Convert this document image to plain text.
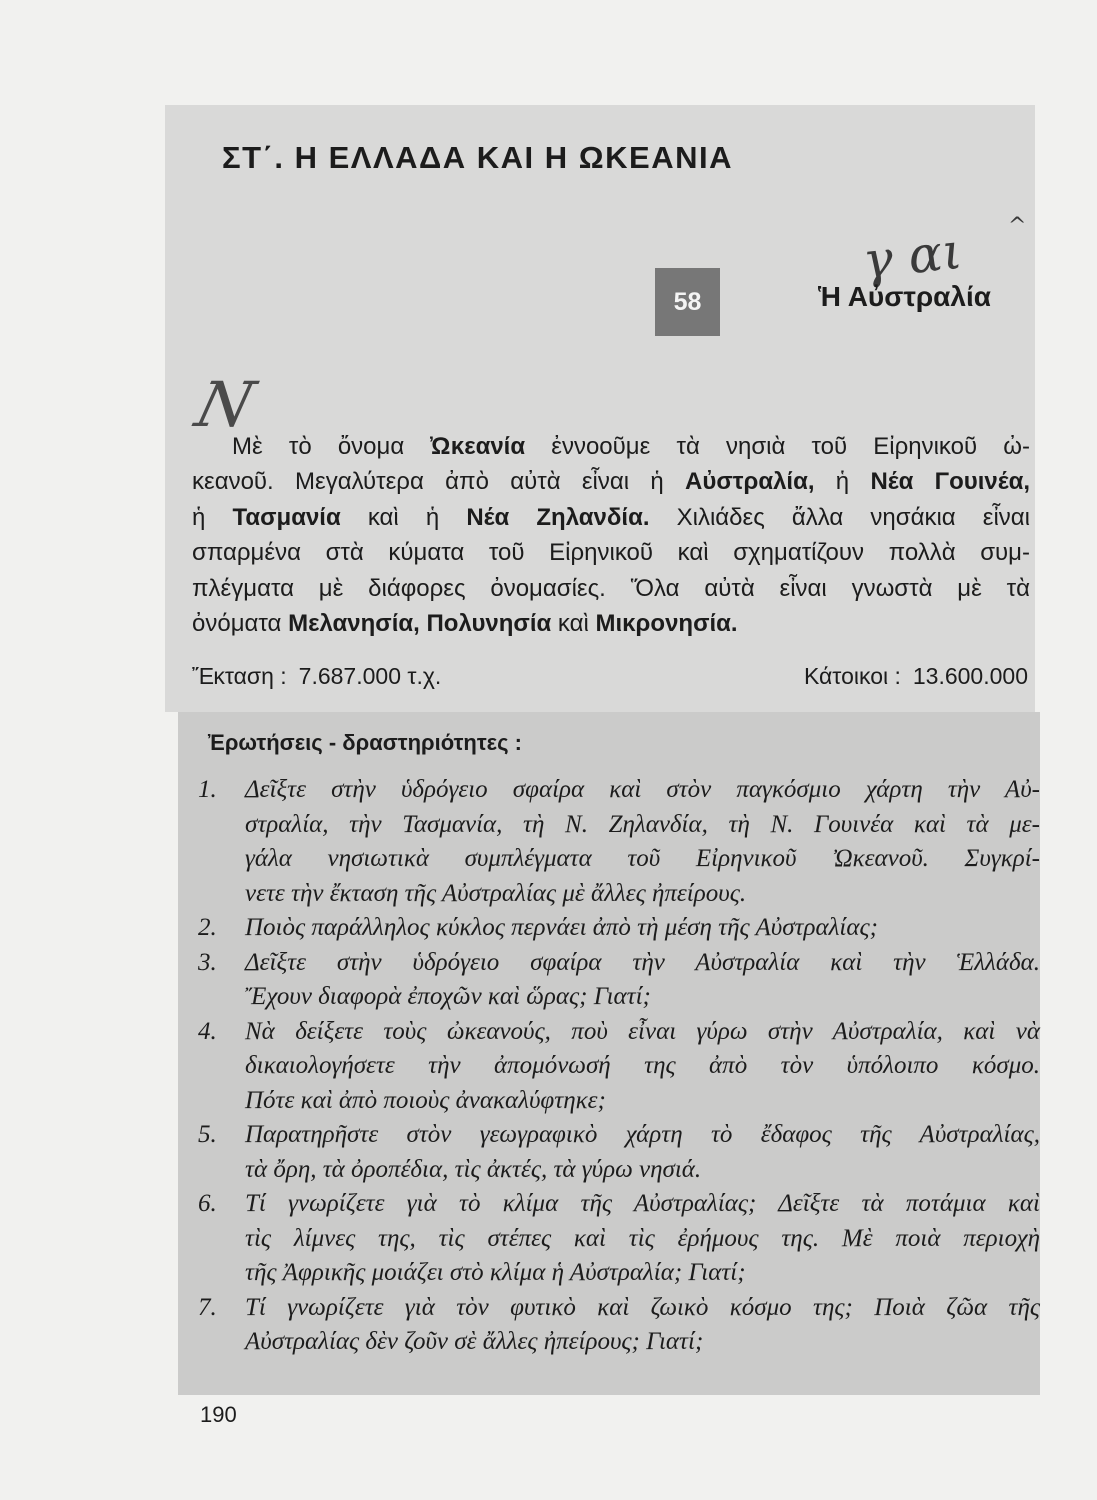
ΣΤ΄. Η ΕΛΛΑΔΑ ΚΑΙ Η ΩΚΕΑΝΙΑ
^
γ αι
N
58	Ἡ Αὐστραλία
Μὲ τὸ ὄνομα Ὠκεανία ἐννοοῦμε τὰ νησιὰ τοῦ Εἰρηνικοῦ ὠ-
κεανοῦ. Μεγαλύτερα ἀπὸ αὐτὰ εἶναι ἡ Αὐστραλία, ἡ Νέα Γουινέα,
ἡ Τασμανία καὶ ἡ Νέα Ζηλανδία. Χιλιάδες ἄλλα νησάκια εἶναι
σπαρμένα στὰ κύματα τοῦ Εἰρηνικοῦ καὶ σχηματίζουν πολλὰ συμ-
πλέγματα μὲ διάφορες ὀνομασίες. Ὅλα αὐτὰ εἶναι γνωστὰ μὲ τὰ
ὀνόματα Μελανησία, Πολυνησία καὶ Μικρονησία.
Ἔκταση : 7.687.000 τ.χ.	Κάτοικοι : 13.600.000
Ἐρωτήσεις - δραστηριότητες :
1.	Δεῖξτε στὴν ὑδρόγειο σφαίρα καὶ στὸν παγκόσμιο χάρτη τὴν Αὐ-
στραλία, τὴν Τασμανία, τὴ Ν. Ζηλανδία, τὴ Ν. Γουινέα καὶ τὰ με-
γάλα νησιωτικὰ συμπλέγματα τοῦ Εἰρηνικοῦ Ὠκεανοῦ. Συγκρί-
νετε τὴν ἔκταση τῆς Αὐστραλίας μὲ ἄλλες ἠπείρους.
2.	Ποιὸς παράλληλος κύκλος περνάει ἀπὸ τὴ μέση τῆς Αὐστραλίας;
3.	Δεῖξτε στὴν ὑδρόγειο σφαίρα τὴν Αὐστραλία καὶ τὴν Ἑλλάδα.
Ἔχουν διαφορὰ ἐποχῶν καὶ ὥρας; Γιατί;
4.	Νὰ δείξετε τοὺς ὠκεανούς, ποὺ εἶναι γύρω στὴν Αὐστραλία, καὶ νὰ
δικαιολογήσετε τὴν ἀπομόνωσή της ἀπὸ τὸν ὑπόλοιπο κόσμο.
Πότε καὶ ἀπὸ ποιοὺς ἀνακαλύφτηκε;
5.	Παρατηρῆστε στὸν γεωγραφικὸ χάρτη τὸ ἔδαφος τῆς Αὐστραλίας,
τὰ ὄρη, τὰ ὀροπέδια, τὶς ἀκτές, τὰ γύρω νησιά.
6.	Τί γνωρίζετε γιὰ τὸ κλίμα τῆς Αὐστραλίας; Δεῖξτε τὰ ποτάμια καὶ
τὶς λίμνες της, τὶς στέπες καὶ τὶς ἐρήμους της. Μὲ ποιὰ περιοχὴ
τῆς Ἀφρικῆς μοιάζει στὸ κλίμα ἡ Αὐστραλία; Γιατί;
7.	Τί γνωρίζετε γιὰ τὸν φυτικὸ καὶ ζωικὸ κόσμο της; Ποιὰ ζῶα τῆς
Αὐστραλίας δὲν ζοῦν σὲ ἄλλες ἠπείρους; Γιατί;
190
